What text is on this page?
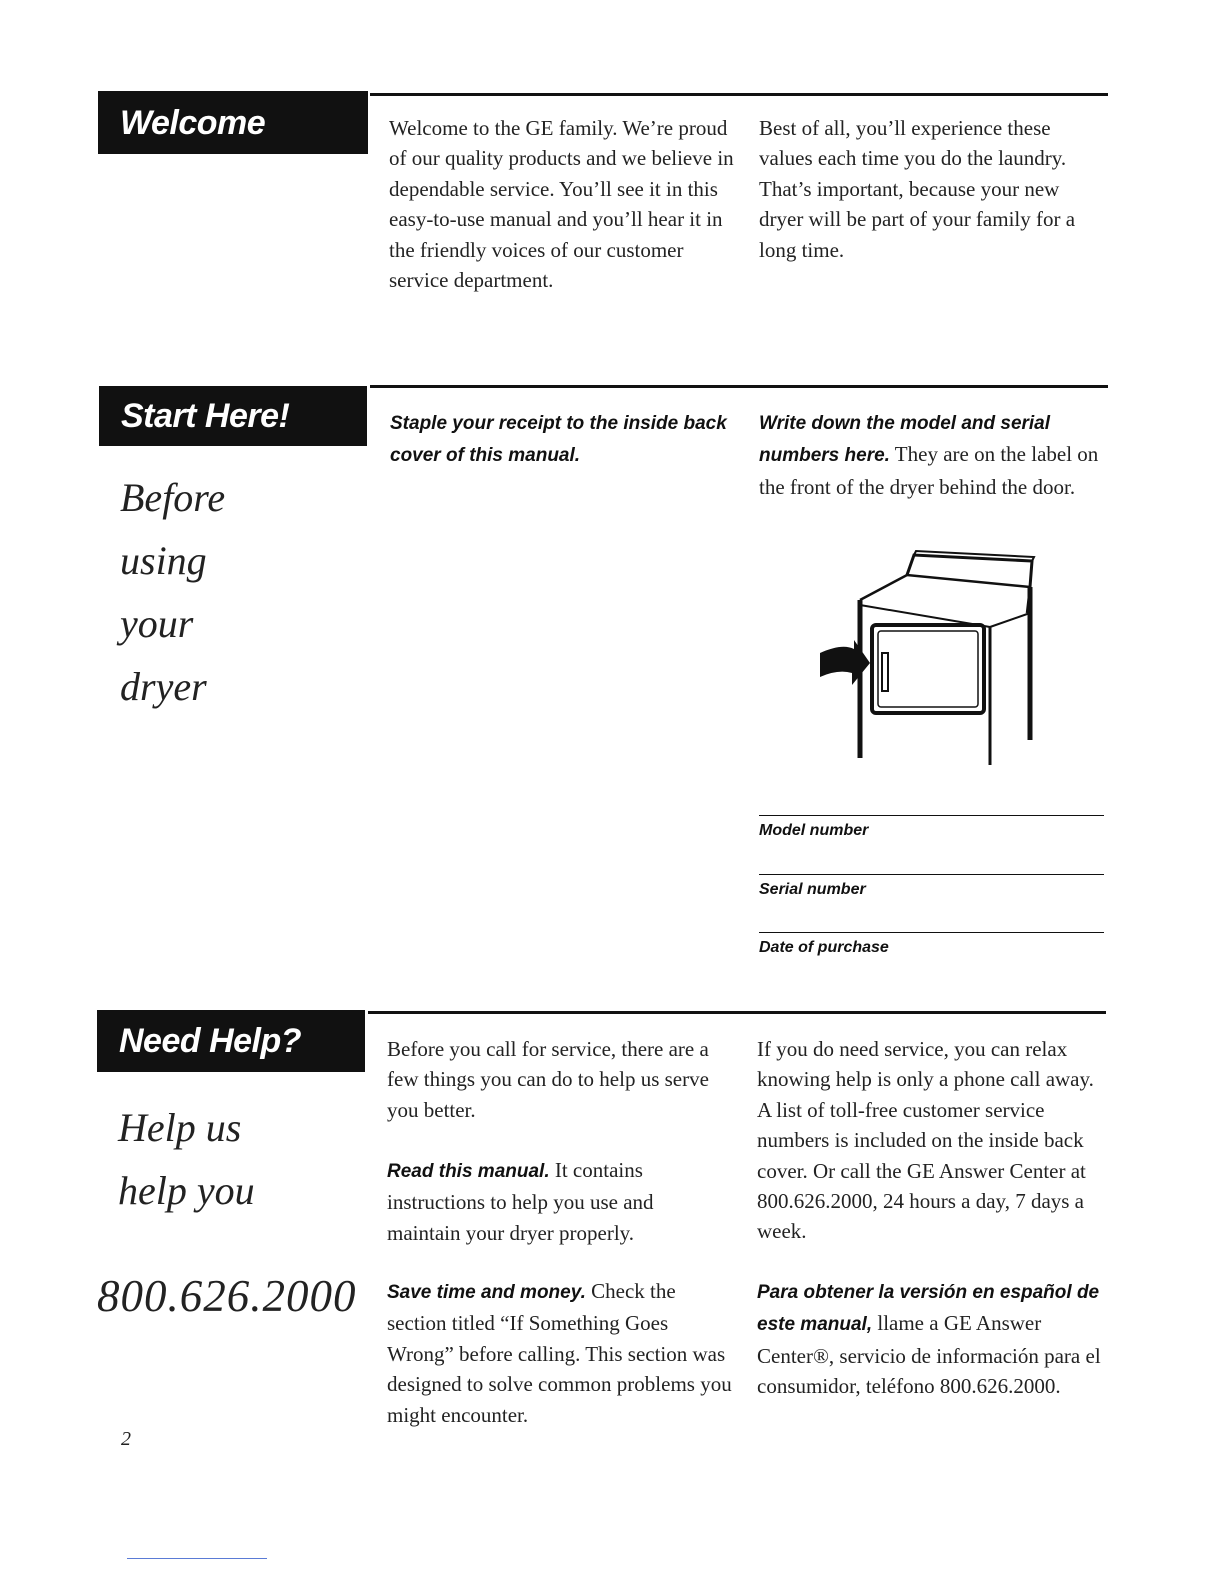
Welcome	Welcome to the GE family. We’re proud of our quality products and we believe in dependable service. You’ll see it in this easy-to-use manual and you’ll hear it in the friendly voices of our customer service department.

Best of all, you’ll experience these values each time you do the laundry. That’s important, because your new dryer will be part of your family for a long time.

Start Here!
Before
using
your
dryer

Staple your receipt to the inside back cover of this manual.

Write down the model and serial numbers here. They are on the label on the front of the dryer behind the door.

Model number
Serial number
Date of purchase
Need Help?
Help us
help you
800.626.2000

Before you call for service, there are a few things you can do to help us serve you better.

Read this manual. It contains instructions to help you use and maintain your dryer properly.

Save time and money. Check the section titled “If Something Goes Wrong” before calling. This section was designed to solve common problems you might encounter.

If you do need service, you can relax knowing help is only a phone call away. A list of toll-free customer service numbers is included on the inside back cover. Or call the GE Answer Center at 800.626.2000, 24 hours a day, 7 days a week.

Para obtener la versión en español de este manual, llame a GE Answer Center®, servicio de información para el consumidor, teléfono 800.626.2000.

2
